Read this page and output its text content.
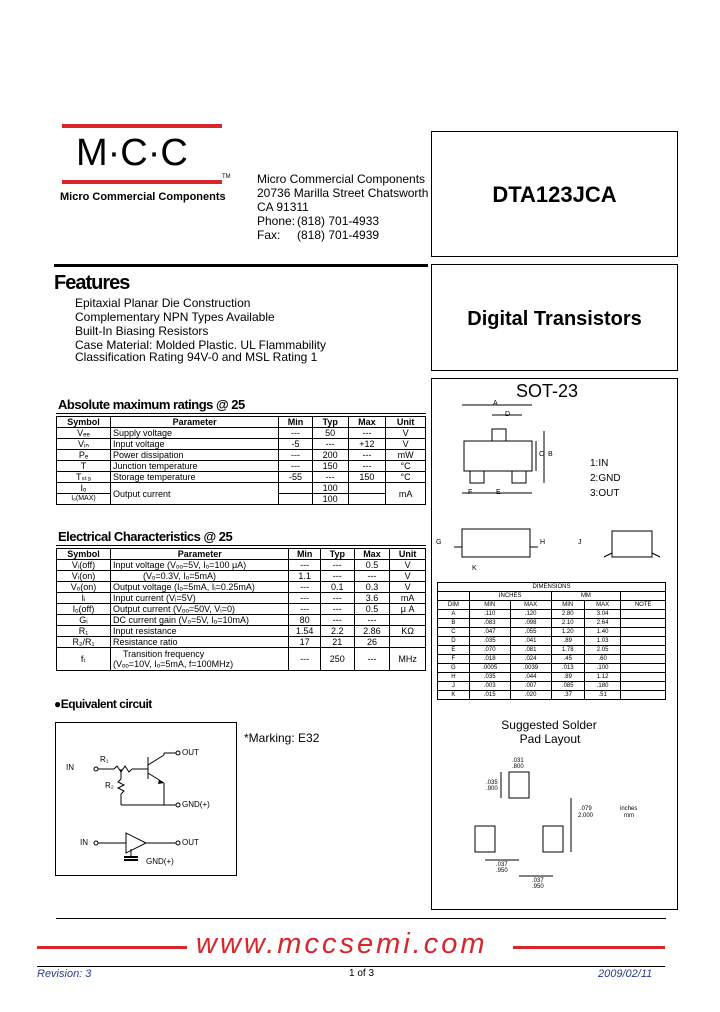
M·C·C
TM
Micro Commercial Components
Micro Commercial Components
20736 Marilla Street Chatsworth
CA 91311
Phone: (818) 701-4933
Fax:	(818) 701-4939
DTA123JCA
Features
Epitaxial Planar Die Construction
Complementary NPN Types Available
Built-In Biasing Resistors
Case Material: Molded Plastic. UL Flammability
Classification Rating 94V-0 and MSL Rating 1
Digital Transistors
Absolute maximum ratings @ 25
Symbol	Parameter	Min	Typ	Max	Unit
Vₑₑ	Supply voltage	---	50	---	V
Vᵢₙ	Input voltage	-5	---	+12	V
Pₑ	Power dissipation	---	200	---	mW
T	Junction temperature	---	150	---	°C
Tₛₜ₉	Storage temperature	-55	---	150	°C
Iₒ	Output current		100		mA
Iₒ(MAX)			100		
Electrical Characteristics @ 25
Symbol	Parameter	Min	Typ	Max	Unit
Vᵢ(off)	Input voltage (Vₒₒ=5V, Iₒ=100 μA)	---	---	0.5	V
Vᵢ(on)	(Vₒ=0.3V, Iₒ=5mA)	1.1	---	---	V
Vₒ(on)	Output voltage (Iₒ=5mA, Iᵢ=0.25mA)	---	0.1	0.3	V
Iᵢ	Input current (Vᵢ=5V)	---	---	3.6	mA
Iₒ(off)	Output current (Vₒₒ=50V, Vᵢ=0)	---	---	0.5	μ A
Gᵢ	DC current gain (Vₒ=5V, Iₒ=10mA)	80	---	---	
R₁	Input resistance	1.54	2.2	2.86	KΩ
R₂/R₁	Resistance ratio	17	21	26	
fₜ	Transition frequency
(Vₒₒ=10V, Iₒ=5mA, f=100MHz)	---	250	---	MHz
●Equivalent circuit
IN
R₁
R₂
OUT
GND(+)
IN	OUT
GND(+)
*Marking: E32
SOT-23
A
D
B
C
E
F
G	H	J
K
1:IN
2:GND
3:OUT
DIMENSIONS					
	INCHES		MM		
DIM	MIN	MAX	MIN	MAX	NOTE
A	.110	.120	2.80	3.04	
B	.083	.098	2.10	2.64	
C	.047	.055	1.20	1.40	
D	.035	.041	.89	1.03	
E	.070	.081	1.78	2.05	
F	.018	.024	.45	.60	
G	.0005	.0039	.013	.100	
H	.035	.044	.89	1.12	
J	.003	.007	.085	.180	
K	.015	.020	.37	.51	
Suggested Solder
Pad Layout
.031
.800
.035
.900
.079
2.000
inches
mm
.037
.950
.037
.950
www.mccsemi.com
Revision: 3	1 of 3	2009/02/11
